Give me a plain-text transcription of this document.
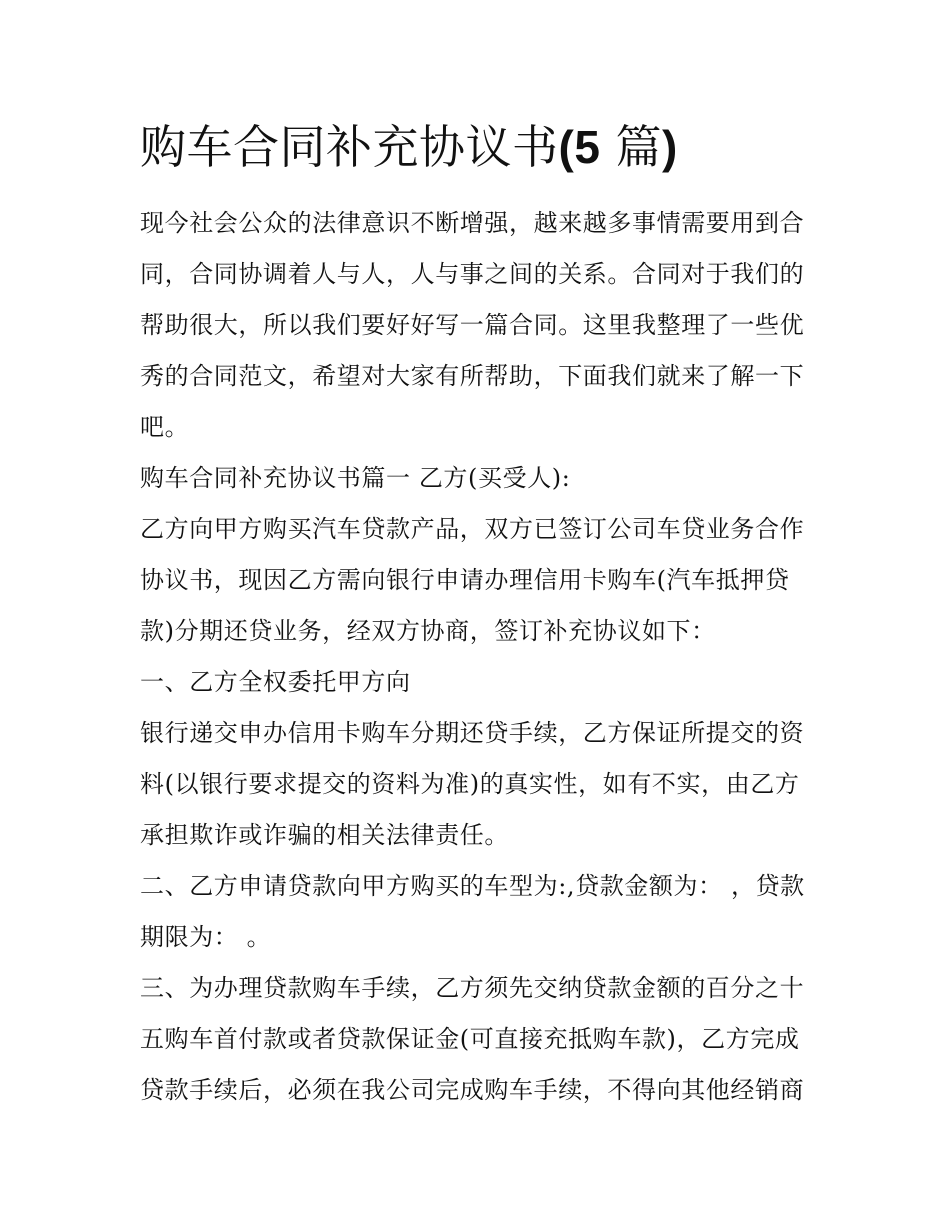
购车合同补充协议书(5 篇)

现今社会公众的法律意识不断增强，越来越多事情需要用到合

同，合同协调着人与人，人与事之间的关系。合同对于我们的

帮助很大，所以我们要好好写一篇合同。这里我整理了一些优

秀的合同范文，希望对大家有所帮助，下面我们就来了解一下

吧。

购车合同补充协议书篇一 乙方(买受人):

乙方向甲方购买汽车贷款产品，双方已签订公司车贷业务合作

协议书，现因乙方需向银行申请办理信用卡购车(汽车抵押贷

款)分期还贷业务，经双方协商，签订补充协议如下：

一、乙方全权委托甲方向

银行递交申办信用卡购车分期还贷手续，乙方保证所提交的资

料(以银行要求提交的资料为准)的真实性，如有不实，由乙方

承担欺诈或诈骗的相关法律责任。

二、乙方申请贷款向甲方购买的车型为:,贷款金额为： ，贷款

期限为： 。

三、为办理贷款购车手续，乙方须先交纳贷款金额的百分之十

五购车首付款或者贷款保证金(可直接充抵购车款)，乙方完成

贷款手续后，必须在我公司完成购车手续，不得向其他经销商
